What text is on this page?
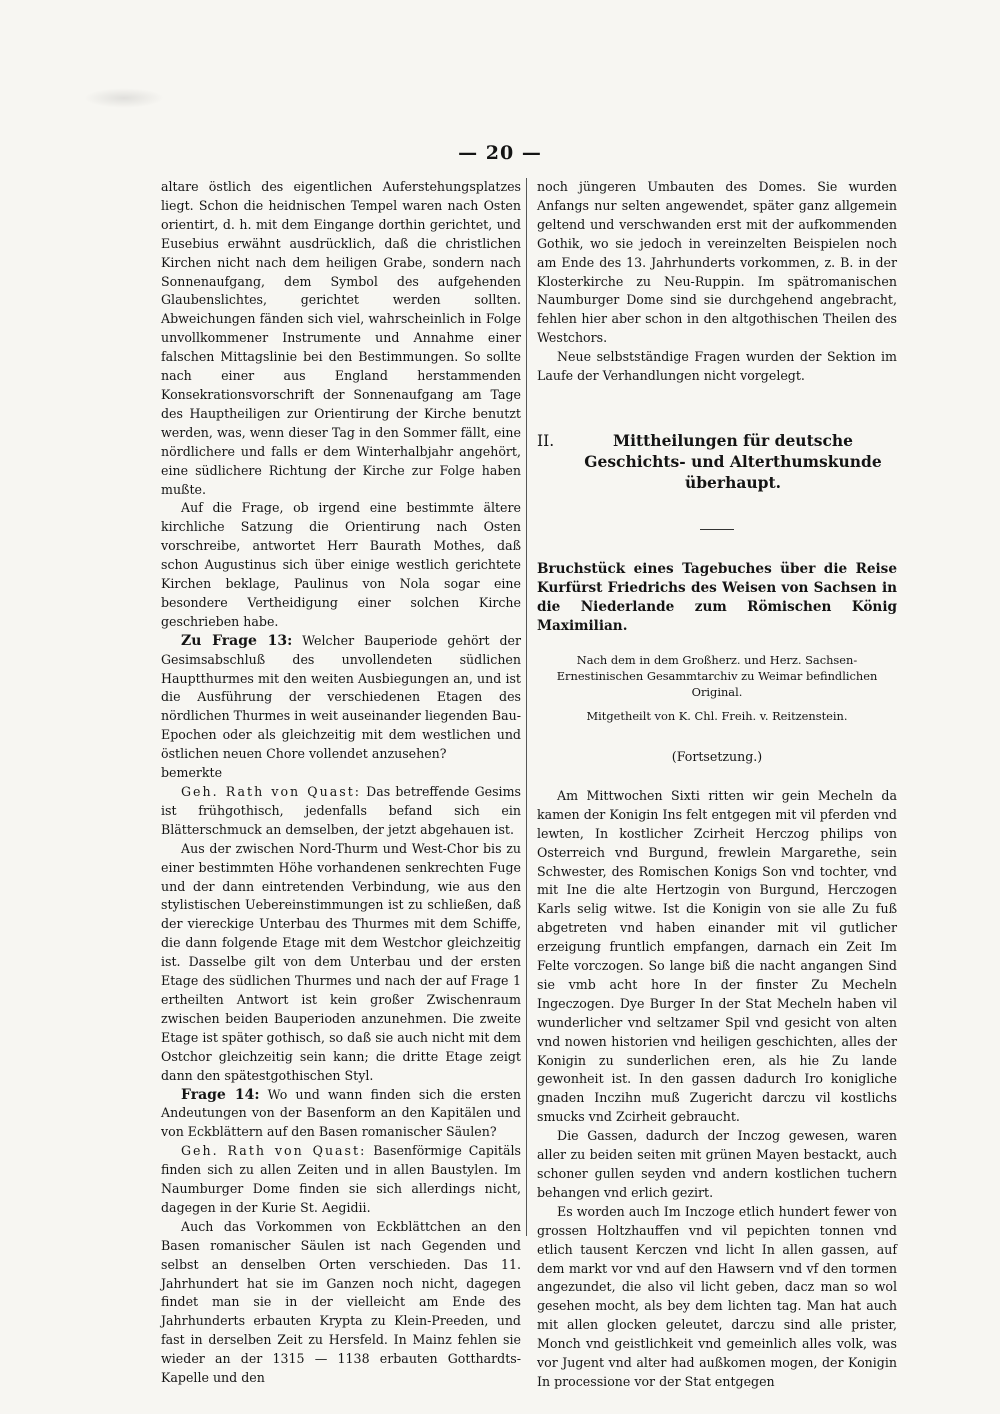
— 20 —

altare östlich des eigentlichen Auferstehungsplatzes liegt. Schon die heidnischen Tempel waren nach Osten orientirt, d. h. mit dem Eingange dorthin gerichtet, und Eusebius erwähnt ausdrücklich, daß die christlichen Kirchen nicht nach dem heiligen Grabe, sondern nach Sonnenaufgang, dem Symbol des aufgehenden Glaubenslichtes, gerichtet werden sollten. Abweichungen fänden sich viel, wahrscheinlich in Folge unvollkommener Instrumente und Annahme einer falschen Mittagslinie bei den Bestimmungen. So sollte nach einer aus England herstammenden Konsekrationsvorschrift der Sonnenaufgang am Tage des Hauptheiligen zur Orientirung der Kirche benutzt werden, was, wenn dieser Tag in den Sommer fällt, eine nördlichere und falls er dem Winterhalbjahr angehört, eine südlichere Richtung der Kirche zur Folge haben mußte.

Auf die Frage, ob irgend eine bestimmte ältere kirchliche Satzung die Orientirung nach Osten vorschreibe, antwortet Herr Baurath Mothes, daß schon Augustinus sich über einige westlich gerichtete Kirchen beklage, Paulinus von Nola sogar eine besondere Vertheidigung einer solchen Kirche geschrieben habe.

Zu Frage 13: Welcher Bauperiode gehört der Gesimsabschluß des unvollendeten südlichen Hauptthurmes mit den weiten Ausbiegungen an, und ist die Ausführung der verschiedenen Etagen des nördlichen Thurmes in weit auseinander liegenden Bau-Epochen oder als gleichzeitig mit dem westlichen und östlichen neuen Chore vollendet anzusehen?

bemerkte

Geh. Rath von Quast: Das betreffende Gesims ist frühgothisch, jedenfalls befand sich ein Blätterschmuck an demselben, der jetzt abgehauen ist.

Aus der zwischen Nord-Thurm und West-Chor bis zu einer bestimmten Höhe vorhandenen senkrechten Fuge und der dann eintretenden Verbindung, wie aus den stylistischen Uebereinstimmungen ist zu schließen, daß der viereckige Unterbau des Thurmes mit dem Schiffe, die dann folgende Etage mit dem Westchor gleichzeitig ist. Dasselbe gilt von dem Unterbau und der ersten Etage des südlichen Thurmes und nach der auf Frage 1 ertheilten Antwort ist kein großer Zwischenraum zwischen beiden Bauperioden anzunehmen. Die zweite Etage ist später gothisch, so daß sie auch nicht mit dem Ostchor gleichzeitig sein kann; die dritte Etage zeigt dann den spätestgothischen Styl.

Frage 14: Wo und wann finden sich die ersten Andeutungen von der Basenform an den Kapitälen und von Eckblättern auf den Basen romanischer Säulen?

Geh. Rath von Quast: Basenförmige Capitäls finden sich zu allen Zeiten und in allen Baustylen. Im Naumburger Dome finden sie sich allerdings nicht, dagegen in der Kurie St. Aegidii.

Auch das Vorkommen von Eckblättchen an den Basen romanischer Säulen ist nach Gegenden und selbst an denselben Orten verschieden. Das 11. Jahrhundert hat sie im Ganzen noch nicht, dagegen findet man sie in der vielleicht am Ende des Jahrhunderts erbauten Krypta zu Klein-Preeden, und fast in derselben Zeit zu Hersfeld. In Mainz fehlen sie wieder an der 1315 — 1138 erbauten Gotthardts-Kapelle und den

noch jüngeren Umbauten des Domes. Sie wurden Anfangs nur selten angewendet, später ganz allgemein geltend und verschwanden erst mit der aufkommenden Gothik, wo sie jedoch in vereinzelten Beispielen noch am Ende des 13. Jahrhunderts vorkommen, z. B. in der Klosterkirche zu Neu-Ruppin. Im spätromanischen Naumburger Dome sind sie durchgehend angebracht, fehlen hier aber schon in den altgothischen Theilen des Westchors.

Neue selbstständige Fragen wurden der Sektion im Laufe der Verhandlungen nicht vorgelegt.

II.	Mittheilungen für deutsche Geschichts- und Alterthumskunde überhaupt.

Bruchstück eines Tagebuches über die Reise Kurfürst Friedrichs des Weisen von Sachsen in die Niederlande zum Römischen König Maximilian.

Nach dem in dem Großherz. und Herz. Sachsen-Ernestinischen Gesammtarchiv zu Weimar befindlichen Original.
Mitgetheilt von K. Chl. Freih. v. Reitzenstein.
(Fortsetzung.)

Am Mittwochen Sixti ritten wir gein Mecheln da kamen der Konigin Ins felt entgegen mit vil pferden vnd lewten, In kostlicher Zcirheit Herczog philips von Osterreich vnd Burgund, frewlein Margarethe, sein Schwester, des Romischen Konigs Son vnd tochter, vnd mit Ine die alte Hertzogin von Burgund, Herczogen Karls selig witwe. Ist die Konigin von sie alle Zu fuß abgetreten vnd haben einander mit vil gutlicher erzeigung fruntlich empfangen, darnach ein Zeit Im Felte vorczogen. So lange biß die nacht angangen Sind sie vmb acht hore In der finster Zu Mecheln Ingeczogen. Dye Burger In der Stat Mecheln haben vil wunderlicher vnd seltzamer Spil vnd gesicht von alten vnd nowen historien vnd heiligen geschichten, alles der Konigin zu sunderlichen eren, als hie Zu lande gewonheit ist. In den gassen dadurch Iro konigliche gnaden Inczihn muß Zugericht darczu vil kostlichs smucks vnd Zcirheit gebraucht.

Die Gassen, dadurch der Inczog gewesen, waren aller zu beiden seiten mit grünen Mayen bestackt, auch schoner gullen seyden vnd andern kostlichen tuchern behangen vnd erlich gezirt.

Es worden auch Im Inczoge etlich hundert fewer von grossen Holtzhauffen vnd vil pepichten tonnen vnd etlich tausent Kerczen vnd licht In allen gassen, auf dem markt vor vnd auf den Hawsern vnd vf den tormen angezundet, die also vil licht geben, dacz man so wol gesehen mocht, als bey dem lichten tag. Man hat auch mit allen glocken geleutet, darczu sind alle prister, Monch vnd geistlichkeit vnd gemeinlich alles volk, was vor Jugent vnd alter had außkomen mogen, der Konigin In processione vor der Stat entgegen
